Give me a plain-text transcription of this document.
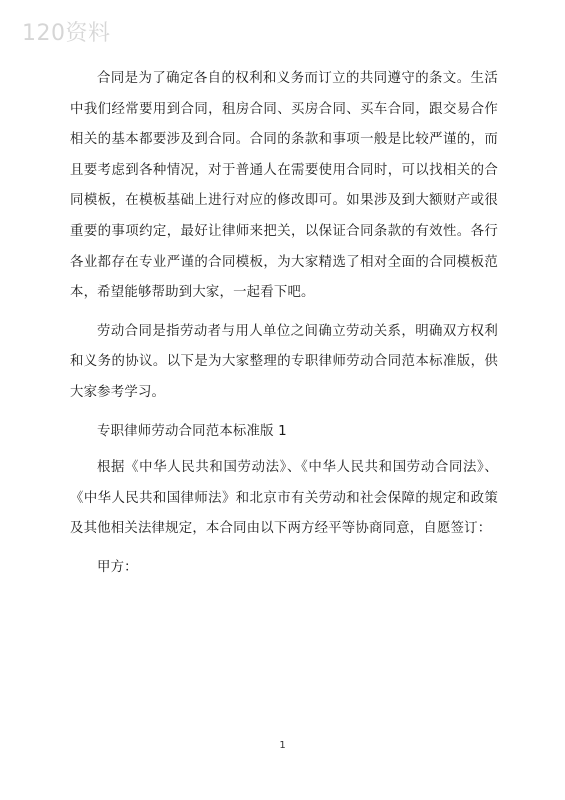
120资料

合同是为了确定各自的权利和义务而订立的共同遵守的条文。生活中我们经常要用到合同，租房合同、买房合同、买车合同，跟交易合作相关的基本都要涉及到合同。合同的条款和事项一般是比较严谨的，而且要考虑到各种情况，对于普通人在需要使用合同时，可以找相关的合同模板，在模板基础上进行对应的修改即可。如果涉及到大额财产或很重要的事项约定，最好让律师来把关，以保证合同条款的有效性。各行各业都存在专业严谨的合同模板，为大家精选了相对全面的合同模板范本，希望能够帮助到大家，一起看下吧。

劳动合同是指劳动者与用人单位之间确立劳动关系，明确双方权利和义务的协议。以下是为大家整理的专职律师劳动合同范本标准版，供大家参考学习。

专职律师劳动合同范本标准版 1

根据《中华人民共和国劳动法》、《中华人民共和国劳动合同法》、《中华人民共和国律师法》和北京市有关劳动和社会保障的规定和政策及其他相关法律规定，本合同由以下两方经平等协商同意，自愿签订：

甲方：

1
